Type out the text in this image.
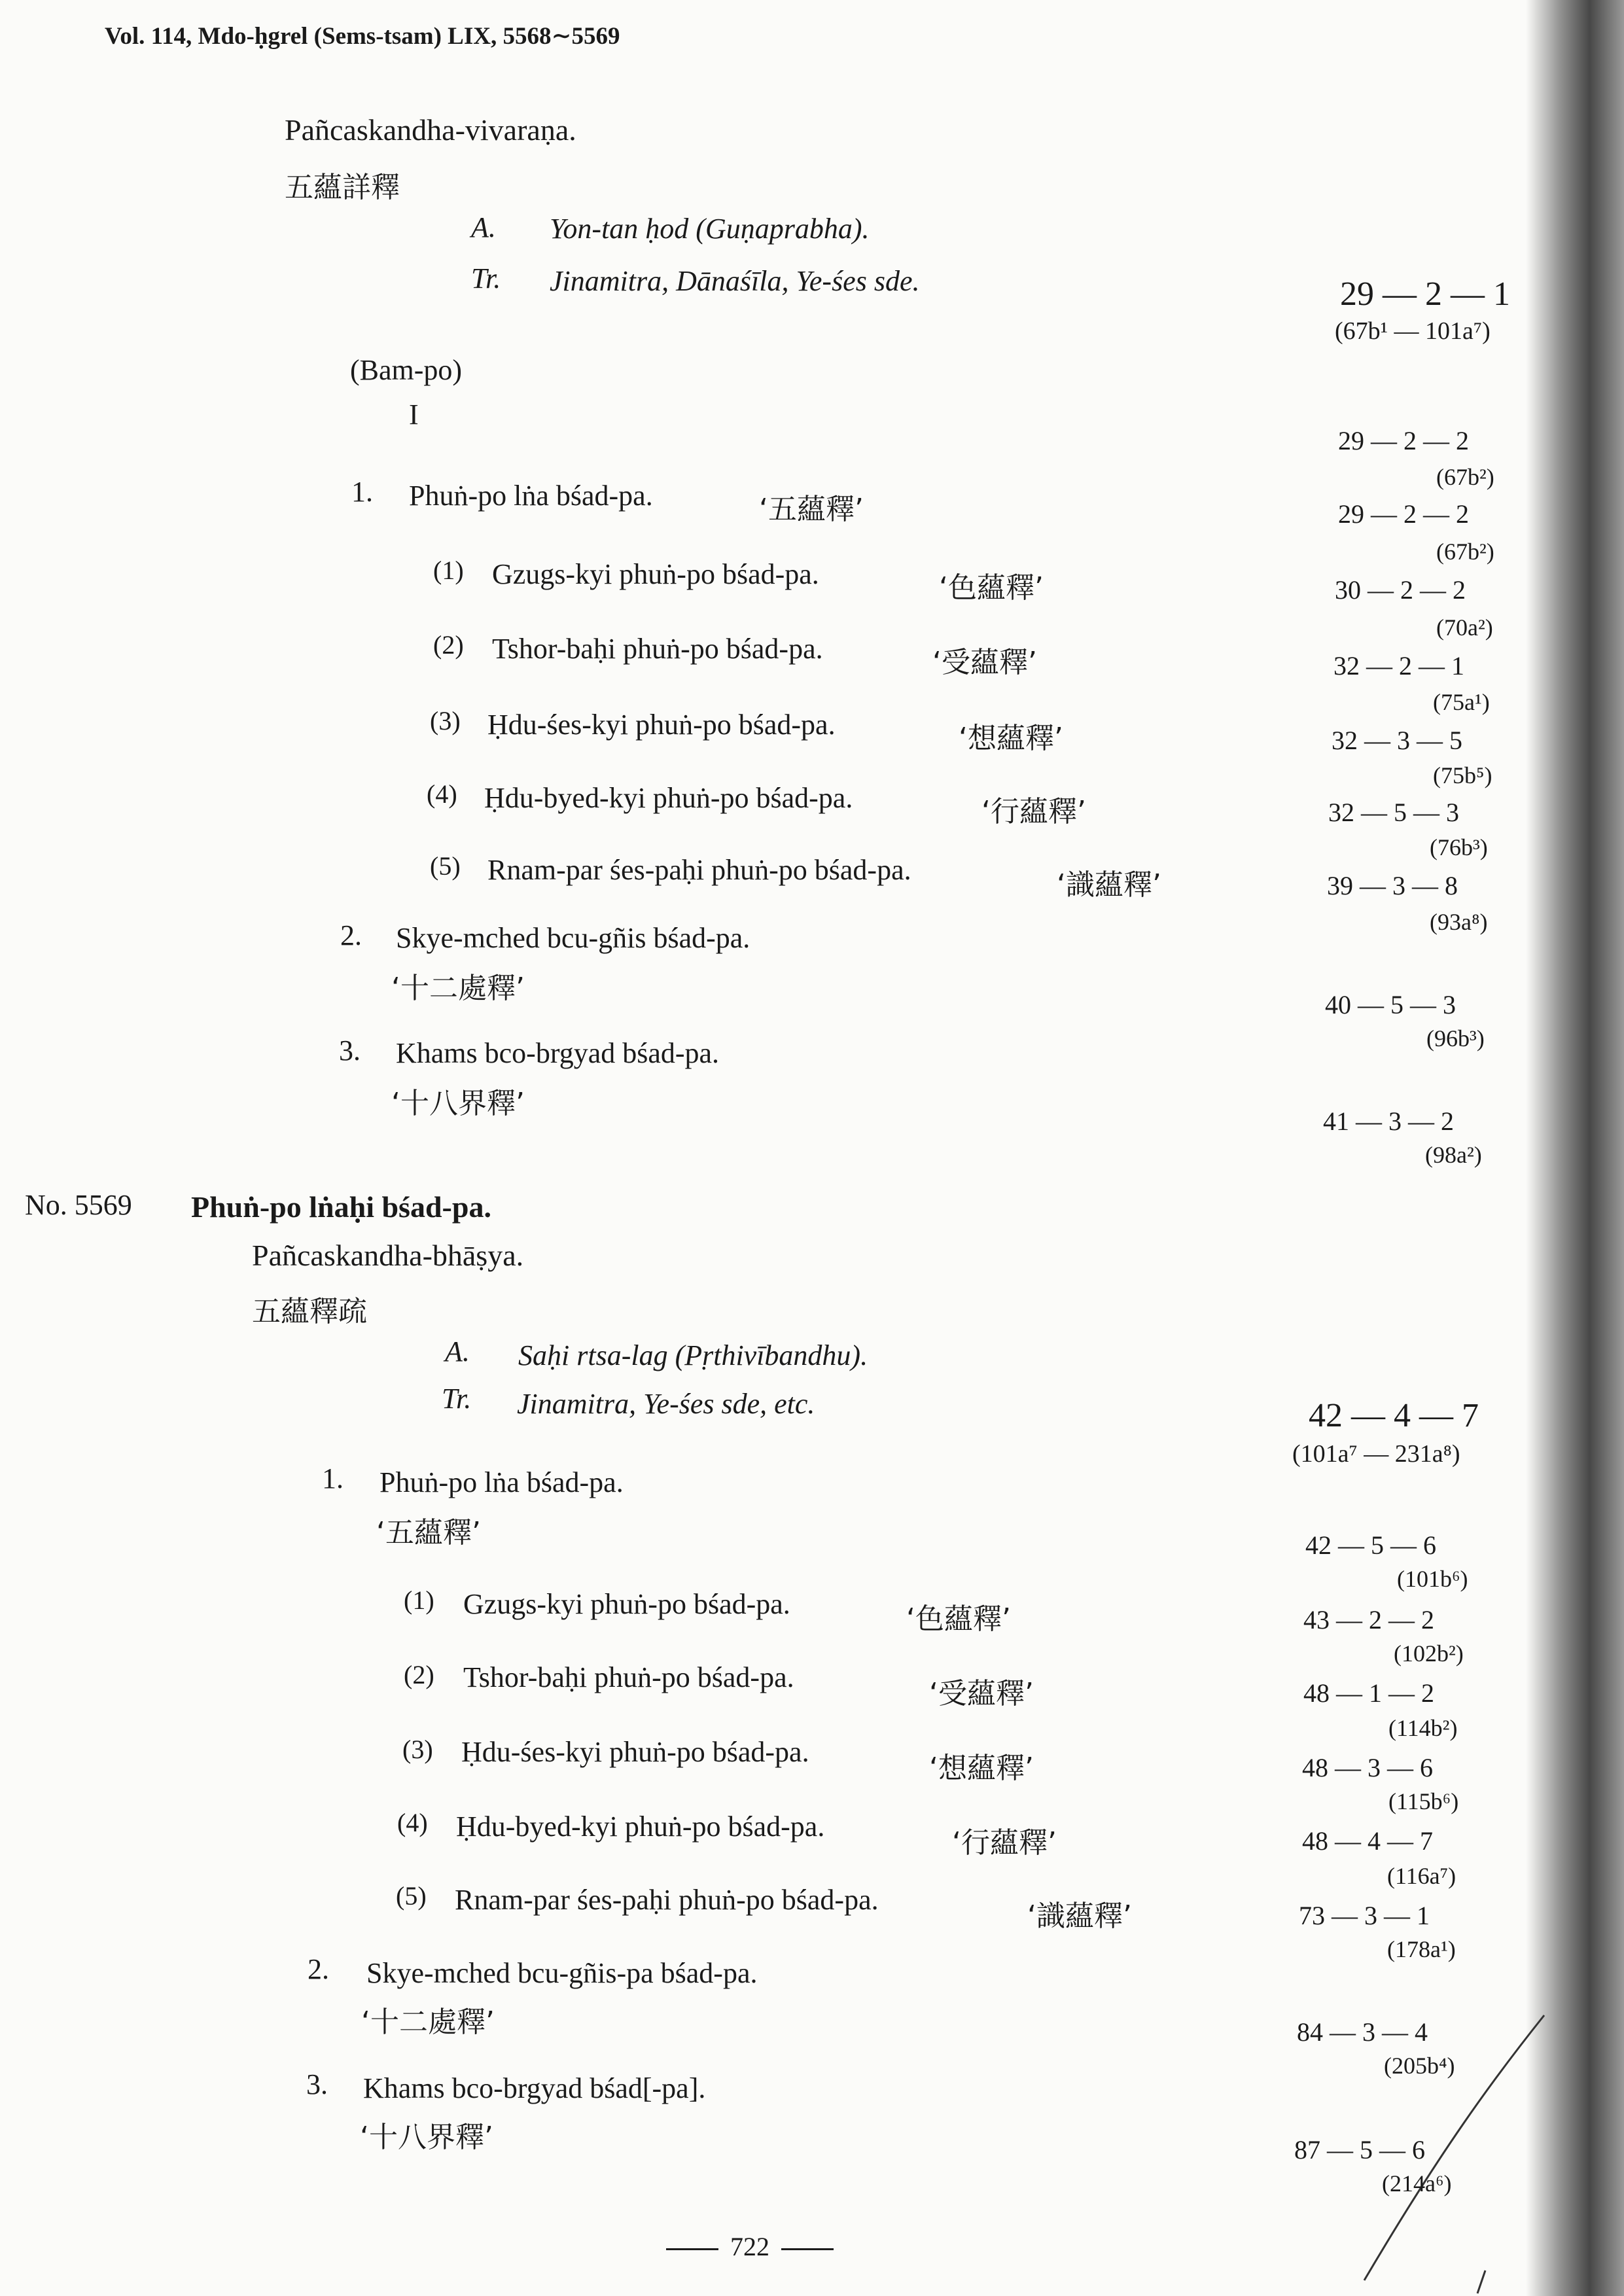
Vol. 114, Mdo-ḥgrel (Sems-tsam) LIX, 5568∼5569
Pañcaskandha-vivaraṇa.
五蘊詳釋
A. Yon-tan ḥod (Guṇaprabha).
Tr. Jinamitra, Dānaśīla, Ye-śes sde.	29 — 2 — 1
(67b¹ — 101a⁷)
(Bam-po)
I
29 — 2 — 2
(67b²)
1. Phuṅ-po lṅa bśad-pa.	‘五蘊釋’	29 — 2 — 2
(67b²)
(1) Gzugs-kyi phuṅ-po bśad-pa.	‘色蘊釋’	30 — 2 — 2
(70a²)
(2) Tshor-baḥi phuṅ-po bśad-pa.	‘受蘊釋’	32 — 2 — 1
(75a¹)
(3) Ḥdu-śes-kyi phuṅ-po bśad-pa.	‘想蘊釋’	32 — 3 — 5
(75b⁵)
(4) Ḥdu-byed-kyi phuṅ-po bśad-pa.	‘行蘊釋’	32 — 5 — 3
(76b³)
(5) Rnam-par śes-paḥi phuṅ-po bśad-pa.	‘識蘊釋’	39 — 3 — 8
(93a⁸)
2. Skye-mched bcu-gñis bśad-pa.
‘十二處釋’	40 — 5 — 3
(96b³)
3. Khams bco-brgyad bśad-pa.
‘十八界釋’
41 — 3 — 2
(98a²)
No. 5569 Phuṅ-po lṅaḥi bśad-pa.
Pañcaskandha-bhāṣya.
五蘊釋疏
A. Saḥi rtsa-lag (Pṛthivībandhu).
Tr. Jinamitra, Ye-śes sde, etc.	42 — 4 — 7
(101a⁷ — 231a⁸)
1. Phuṅ-po lṅa bśad-pa.
‘五蘊釋’	42 — 5 — 6
(101b⁶)
(1) Gzugs-kyi phuṅ-po bśad-pa.	‘色蘊釋’	43 — 2 — 2
(102b²)
(2) Tshor-baḥi phuṅ-po bśad-pa.	‘受蘊釋’	48 — 1 — 2
(114b²)
(3) Ḥdu-śes-kyi phuṅ-po bśad-pa.	‘想蘊釋’	48 — 3 — 6
(115b⁶)
(4) Ḥdu-byed-kyi phuṅ-po bśad-pa.	‘行蘊釋’	48 — 4 — 7
(116a⁷)
(5) Rnam-par śes-paḥi phuṅ-po bśad-pa.	‘識蘊釋’	73 — 3 — 1
(178a¹)
2. Skye-mched bcu-gñis-pa bśad-pa.
‘十二處釋’	84 — 3 — 4
(205b⁴)
3. Khams bco-brgyad bśad[-pa].
‘十八界釋’	87 — 5 — 6
(214a⁶)
722
